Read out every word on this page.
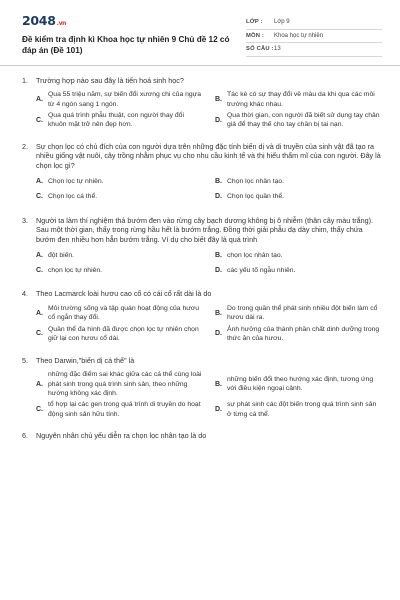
2048.vn
Đề kiểm tra định kì Khoa học tự nhiên 9 Chủ đề 12 có đáp án (Đề 101)
LỚP :	Lớp 9
MÔN :	Khoa học tự nhiên
SỐ CÂU : 13
1.	Trường hợp nào sau đây là tiến hoá sinh học?
A.
Qua 55 triệu năm, sự biến đổi xương chi của ngựa từ 4 ngón sang 1 ngón.
B.
Tác kè có sự thay đổi về màu da khi qua các môi trường khác nhau.
C.
Qua quá trình phẫu thuật, con người thay đổi khuôn mặt trở nên đẹp hơn.
D.
Qua thời gian, con người đã biết sử dụng tay chân giả để thay thế cho tay chân bị tai nạn.
2.	Sự chọn lọc có chủ đích của con người dựa trên những đặc tính biến dị và di truyền của sinh vật đã tạo ra nhiều giống vật nuôi, cây trồng nhằm phục vụ cho nhu cầu kinh tế và thị hiếu thẩm mĩ của con người. Đây là chọn lọc gì?
A. Chọn lọc tự nhiên.	B. Chọn lọc nhân tạo.
C. Chọn lọc cá thể.	D. Chọn lọc quần thể.
3.	Người ta làm thí nghiệm thả bướm đen vào rừng cây bạch dương không bị ô nhiễm (thân cây màu trắng). Sau một thời gian, thấy trong rừng hầu hết là bướm trắng. Đồng thời giải phẫu dạ dày chim, thấy chứa bướm đen nhiều hơn hẳn bướm trắng. Ví dụ cho biết đây là quá trình
A. đột biến.	B. chọn lọc nhân tạo.
C. chọn lọc tự nhiên.	D. các yếu tố ngẫu nhiên.
4.	Theo Lacmarck loài hươu cao cổ có cái cổ rất dài là do
A.
Môi trường sống và tập quán hoạt động của hươu cổ ngắn thay đổi.
B.
Do trong quần thể phát sinh nhiều đột biến làm cổ hươu dài ra.
C.
Quần thể đa hình đã được chọn lọc tự nhiên chọn giữ lại con hươu cổ dài.
D.
Ảnh hưởng của thành phần chất dinh dưỡng trong thức ăn của hươu.
5.	Theo Darwin,"biến dị cá thể" là
A.
những đặc điểm sai khác giữa các cá thể cùng loài phát sinh trong quá trình sinh sản, theo những hướng không xác định.
B.
những biến đổi theo hướng xác định, tương ứng với điều kiện ngoại cảnh.
C.
tổ hợp lại các gen trong quá trình di truyền do hoạt động sinh sản hữu tính.
D.
sự phát sinh các đột biến trong quá trình sinh sản ở từng cá thể.
6.	Nguyên nhân chủ yếu diễn ra chọn lọc nhân tạo là do
